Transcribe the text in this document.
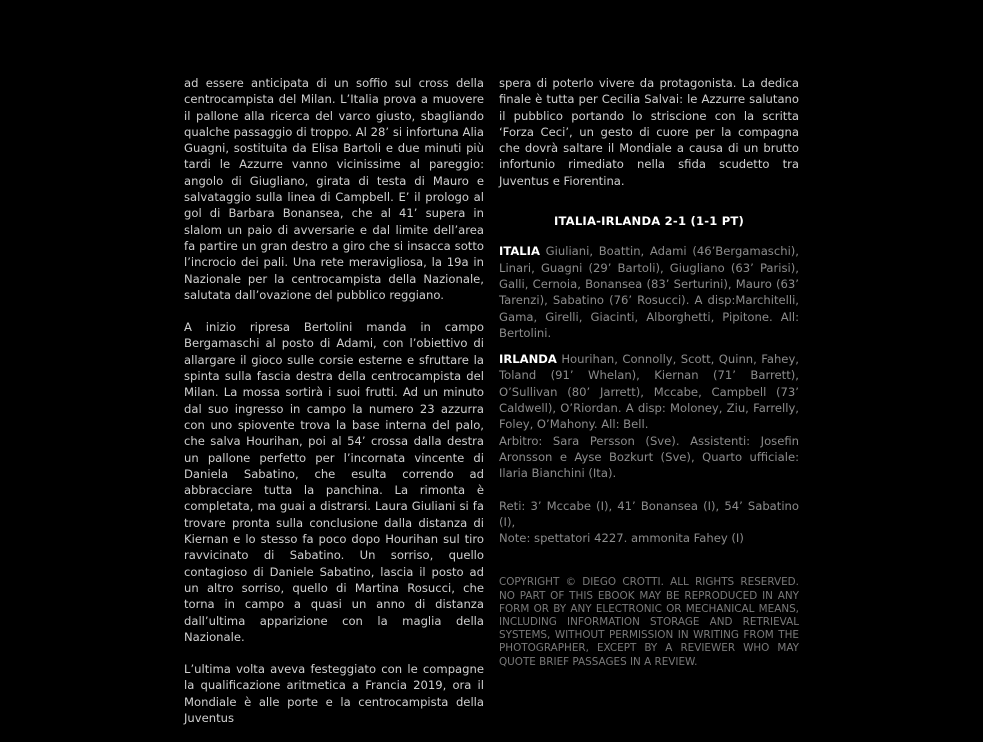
ad essere anticipata di un soffio sul cross della centrocampista del Milan. L’Italia prova a muovere il pallone alla ricerca del varco giusto, sbagliando qualche passaggio di troppo. Al 28’ si infortuna Alia Guagni, sostituita da Elisa Bartoli e due minuti più tardi le Azzurre vanno vicinissime al pareggio: angolo di Giugliano, girata di testa di Mauro e salvataggio sulla linea di Campbell. E’ il prologo al gol di Barbara Bonansea, che al 41’ supera in slalom un paio di avversarie e dal limite dell’area fa partire un gran destro a giro che si insacca sotto l’incrocio dei pali. Una rete meravigliosa, la 19a in Nazionale per la centrocampista della Nazionale, salutata dall’ovazione del pubblico reggiano.

A inizio ripresa Bertolini manda in campo Bergamaschi al posto di Adami, con l’obiettivo di allargare il gioco sulle corsie esterne e sfruttare la spinta sulla fascia destra della centrocampista del Milan. La mossa sortirà i suoi frutti. Ad un minuto dal suo ingresso in campo la numero 23 azzurra con uno spiovente trova la base interna del palo, che salva Hourihan, poi al 54’ crossa dalla destra un pallone perfetto per l’incornata vincente di Daniela Sabatino, che esulta correndo ad abbracciare tutta la panchina. La rimonta è completata, ma guai a distrarsi. Laura Giuliani si fa trovare pronta sulla conclusione dalla distanza di Kiernan e lo stesso fa poco dopo Hourihan sul tiro ravvicinato di Sabatino. Un sorriso, quello contagioso di Daniele Sabatino, lascia il posto ad un altro sorriso, quello di Martina Rosucci, che torna in campo a quasi un anno di distanza dall’ultima apparizione con la maglia della Nazionale.

L’ultima volta aveva festeggiato con le compagne la qualificazione aritmetica a Francia 2019, ora il Mondiale è alle porte e la centrocampista della Juventus

spera di poterlo vivere da protagonista. La dedica finale è tutta per Cecilia Salvai: le Azzurre salutano il pubblico portando lo striscione con la scritta ‘Forza Ceci’, un gesto di cuore per la compagna che dovrà saltare il Mondiale a causa di un brutto infortunio rimediato nella sfida scudetto tra Juventus e Fiorentina.

ITALIA-IRLANDA 2-1 (1-1 PT)

ITALIA Giuliani, Boattin, Adami (46’Bergamaschi), Linari, Guagni (29’ Bartoli), Giugliano (63’ Parisi), Galli, Cernoia, Bonansea (83’ Serturini), Mauro (63’ Tarenzi), Sabatino (76’ Rosucci). A disp:Marchitelli, Gama, Girelli, Giacinti, Alborghetti, Pipitone. All: Bertolini.

IRLANDA Hourihan, Connolly, Scott, Quinn, Fahey, Toland (91’ Whelan), Kiernan (71’ Barrett), O’Sullivan (80’ Jarrett), Mccabe, Campbell (73’ Caldwell), O’Riordan. A disp: Moloney, Ziu, Farrelly, Foley, O’Mahony. All: Bell.

Arbitro: Sara Persson (Sve). Assistenti: Josefin Aronsson e Ayse Bozkurt (Sve), Quarto ufficiale: Ilaria Bianchini (Ita).

Reti: 3’ Mccabe (I), 41’ Bonansea (I), 54’ Sabatino (I),

Note: spettatori 4227. ammonita Fahey (I)

COPYRIGHT © DIEGO CROTTI. ALL RIGHTS RESERVED. NO PART OF THIS EBOOK MAY BE REPRODUCED IN ANY FORM OR BY ANY ELECTRONIC OR MECHANICAL MEANS, INCLUDING INFORMATION STORAGE AND RETRIEVAL SYSTEMS, WITHOUT PERMISSION IN WRITING FROM THE PHOTOGRAPHER, EXCEPT BY A REVIEWER WHO MAY QUOTE BRIEF PASSAGES IN A REVIEW.
